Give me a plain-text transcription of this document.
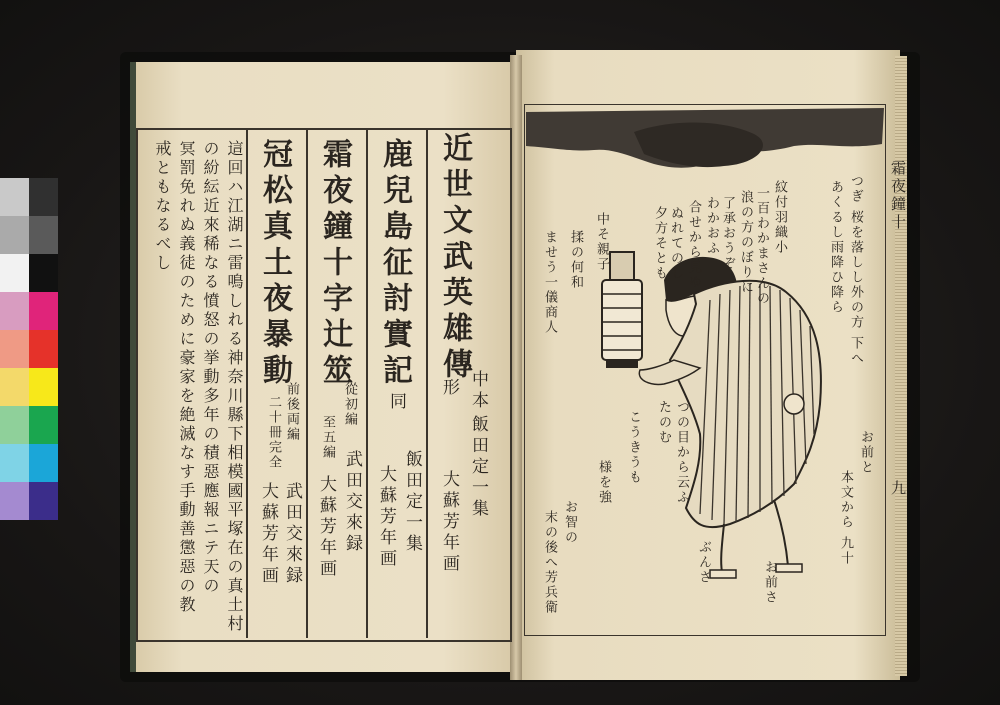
近世文武英雄傳
中本
形
飯田定一集
大蘇芳年画
鹿兒島征討實記
同
飯田定一集
大蘇芳年画
霜夜鐘十字辻筮
從初編
至五編
武田交來録
大蘇芳年画
冠松真土夜暴動
前後両編
二十冊完全
武田交來録
大蘇芳年画
這回ハ江湖ニ雷鳴しれる神奈川縣下相模國平塚在の真土村
の紛紜近來稀なる憤怒の挙動多年の積惡應報ニテ天の
冥罰免れぬ義徒のために豪家を絶滅なす手動善懲惡の教
戒ともなるべし	霜夜鐘十
九
つぎ 桜を落しし外の方 下へ
あくるし雨降ひ降ら
紋付羽織小
一百わかまさんの
浪の方のぼりに
了承おうぞ
わかおふ
合せから見ゆ
ぬれてのし
夕方そとも
中そ親子
揉の何和
ませう一儀商人
つの目から云ふ
たのむ
こうきうも	お前と
様を強
お智の
末の後へ芳兵衛	ぶんさ	お前さ
本文から 九十
